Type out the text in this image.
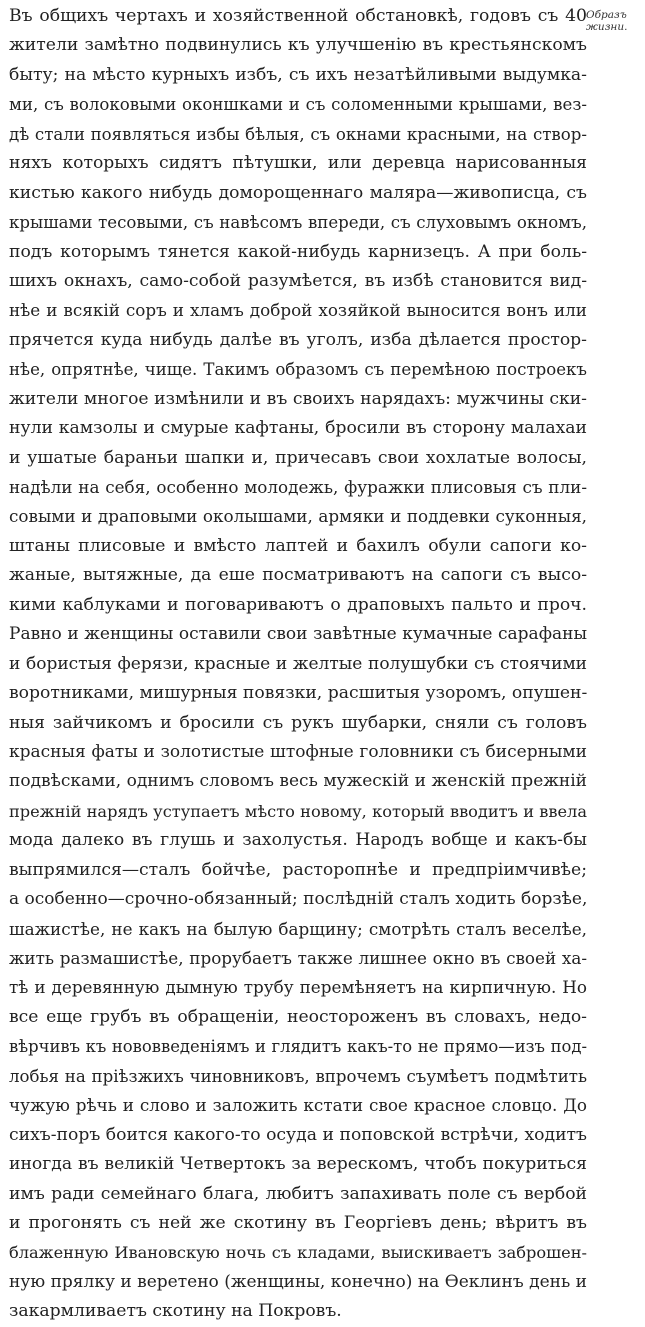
Образъ
жизни.
Въ общихъ чертахъ и хозяйственной обстановкѣ, годовъ съ 40
жители замѣтно подвинулись къ улучшенію въ крестьянскомъ
быту; на мѣсто курныхъ избъ, съ ихъ незатѣйливыми выдумка-
ми, съ волоковыми оконшками и съ соломенными крышами, вез-
дѣ стали появляться избы бѣлыя, съ окнами красными, на створ-
няхъ которыхъ сидятъ пѣтушки, или деревца нарисованныя
кистью какого нибудь доморощеннаго маляра—живописца, съ
крышами тесовыми, съ навѣсомъ впереди, съ слуховымъ окномъ,
подъ которымъ тянется какой-нибудь карнизецъ. А при боль-
шихъ окнахъ, само-собой разумѣется, въ избѣ становится вид-
нѣе и всякій соръ и хламъ доброй хозяйкой выносится вонъ или
прячется куда нибудь далѣе въ уголъ, изба дѣлается простор-
нѣе, опрятнѣе, чище. Такимъ образомъ съ перемѣною построекъ
жители многое измѣнили и въ своихъ нарядахъ: мужчины ски-
нули камзолы и смурые кафтаны, бросили въ сторону малахаи
и ушатые бараньи шапки и, причесавъ свои хохлатые волосы,
надѣли на себя, особенно молодежь, фуражки плисовыя съ пли-
совыми и драповыми околышами, армяки и поддевки суконныя,
штаны плисовые и вмѣсто лаптей и бахилъ обули сапоги ко-
жаные, вытяжные, да еше посматриваютъ на сапоги съ высо-
кими каблуками и поговариваютъ о драповыхъ пальто и проч.
Равно и женщины оставили свои завѣтные кумачные сарафаны
и бористыя ферязи, красные и желтые полушубки съ стоячими
воротниками, мишурныя повязки, расшитыя узоромъ, опушен-
ныя зайчикомъ и бросили съ рукъ шубарки, сняли съ головъ
красныя фаты и золотистые штофные головники съ бисерными
подвѣсками, однимъ словомъ весь мужескій и женскій прежній
прежній нарядъ уступаетъ мѣсто новому, который вводитъ и ввела
мода далеко въ глушь и захолустья. Народъ вобще и какъ-бы
выпрямился—сталъ бойчѣе, расторопнѣе и предпріимчивѣе;
а особенно—срочно-обязанный; послѣдній сталъ ходить борзѣе,
шажистѣе, не какъ на былую барщину; смотрѣть сталъ веселѣе,
жить размашистѣе, прорубаетъ также лишнее окно въ своей ха-
тѣ и деревянную дымную трубу перемѣняетъ на кирпичную. Но
все еще грубъ въ обращеніи, неостороженъ въ словахъ, недо-
вѣрчивъ къ нововведеніямъ и глядитъ какъ-то не прямо—изъ под-
лобья на пріѣзжихъ чиновниковъ, впрочемъ съумѣетъ подмѣтить
чужую рѣчь и слово и заложить кстати свое красное словцо. До
сихъ-поръ боится какого-то осуда и поповской встрѣчи, ходитъ
иногда въ великій Четвертокъ за верескомъ, чтобъ покуриться
имъ ради семейнаго блага, любитъ запахивать поле съ вербой
и прогонять съ ней же скотину въ Георгіевъ день; вѣритъ въ
блаженную Ивановскую ночь съ кладами, выискиваетъ заброшен-
ную прялку и веретено (женщины, конечно) на Ѳеклинъ день и
закармливаетъ скотину на Покровъ.
